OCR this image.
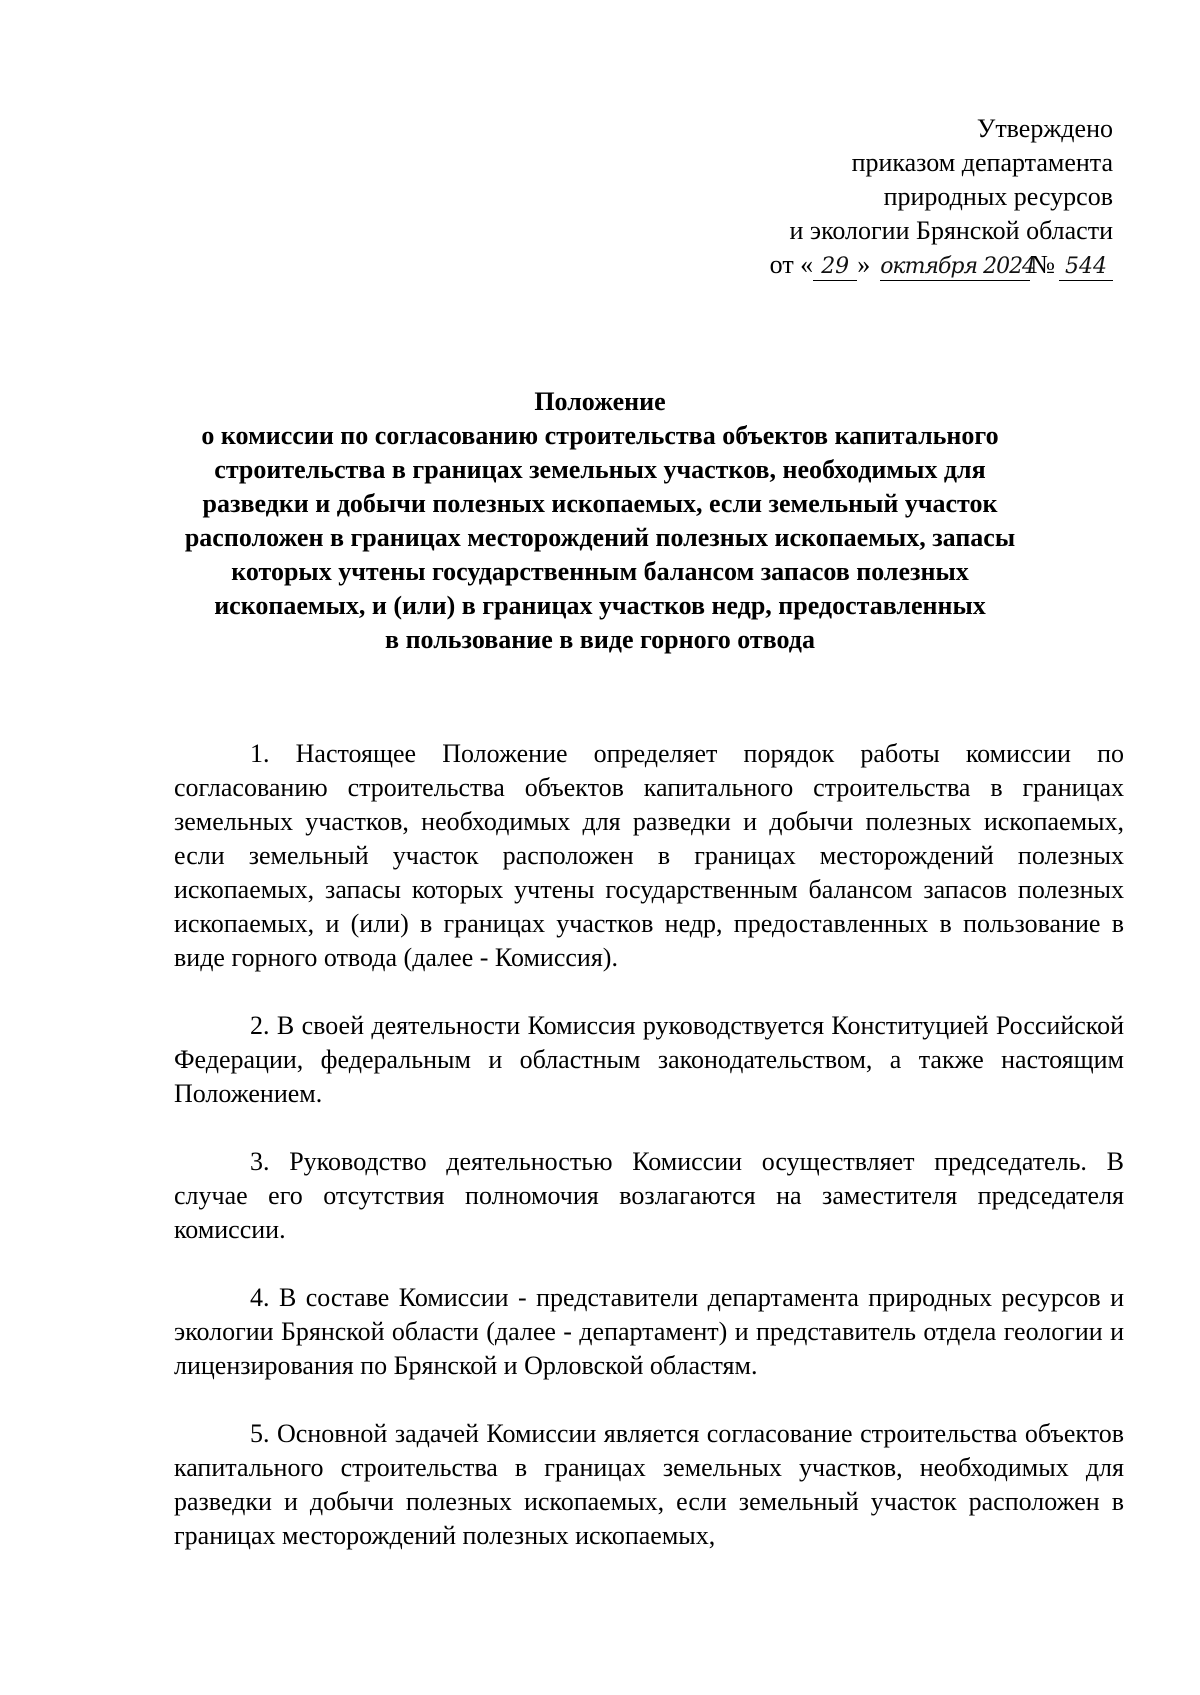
Утверждено
приказом департамента
природных ресурсов
и экологии Брянской области
от « 29 » октября 2024№ 544
Положение
о комиссии по согласованию строительства объектов капитального
строительства в границах земельных участков, необходимых для
разведки и добычи полезных ископаемых, если земельный участок
расположен в границах месторождений полезных ископаемых, запасы
которых учтены государственным балансом запасов полезных
ископаемых, и (или) в границах участков недр, предоставленных
в пользование в виде горного отвода

1. Настоящее Положение определяет порядок работы комиссии по согласованию строительства объектов капитального строительства в границах земельных участков, необходимых для разведки и добычи полезных ископаемых, если земельный участок расположен в границах месторождений полезных ископаемых, запасы которых учтены государственным балансом запасов полезных ископаемых, и (или) в границах участков недр, предоставленных в пользование в виде горного отвода (далее - Комиссия).

2. В своей деятельности Комиссия руководствуется Конституцией Российской Федерации, федеральным и областным законодательством, а также настоящим Положением.

3. Руководство деятельностью Комиссии осуществляет председатель. В случае его отсутствия полномочия возлагаются на заместителя председателя комиссии.

4. В составе Комиссии - представители департамента природных ресурсов и экологии Брянской области (далее - департамент) и представитель отдела геологии и лицензирования по Брянской и Орловской областям.

5. Основной задачей Комиссии является согласование строительства объектов капитального строительства в границах земельных участков, необходимых для разведки и добычи полезных ископаемых, если земельный участок расположен в границах месторождений полезных ископаемых,
